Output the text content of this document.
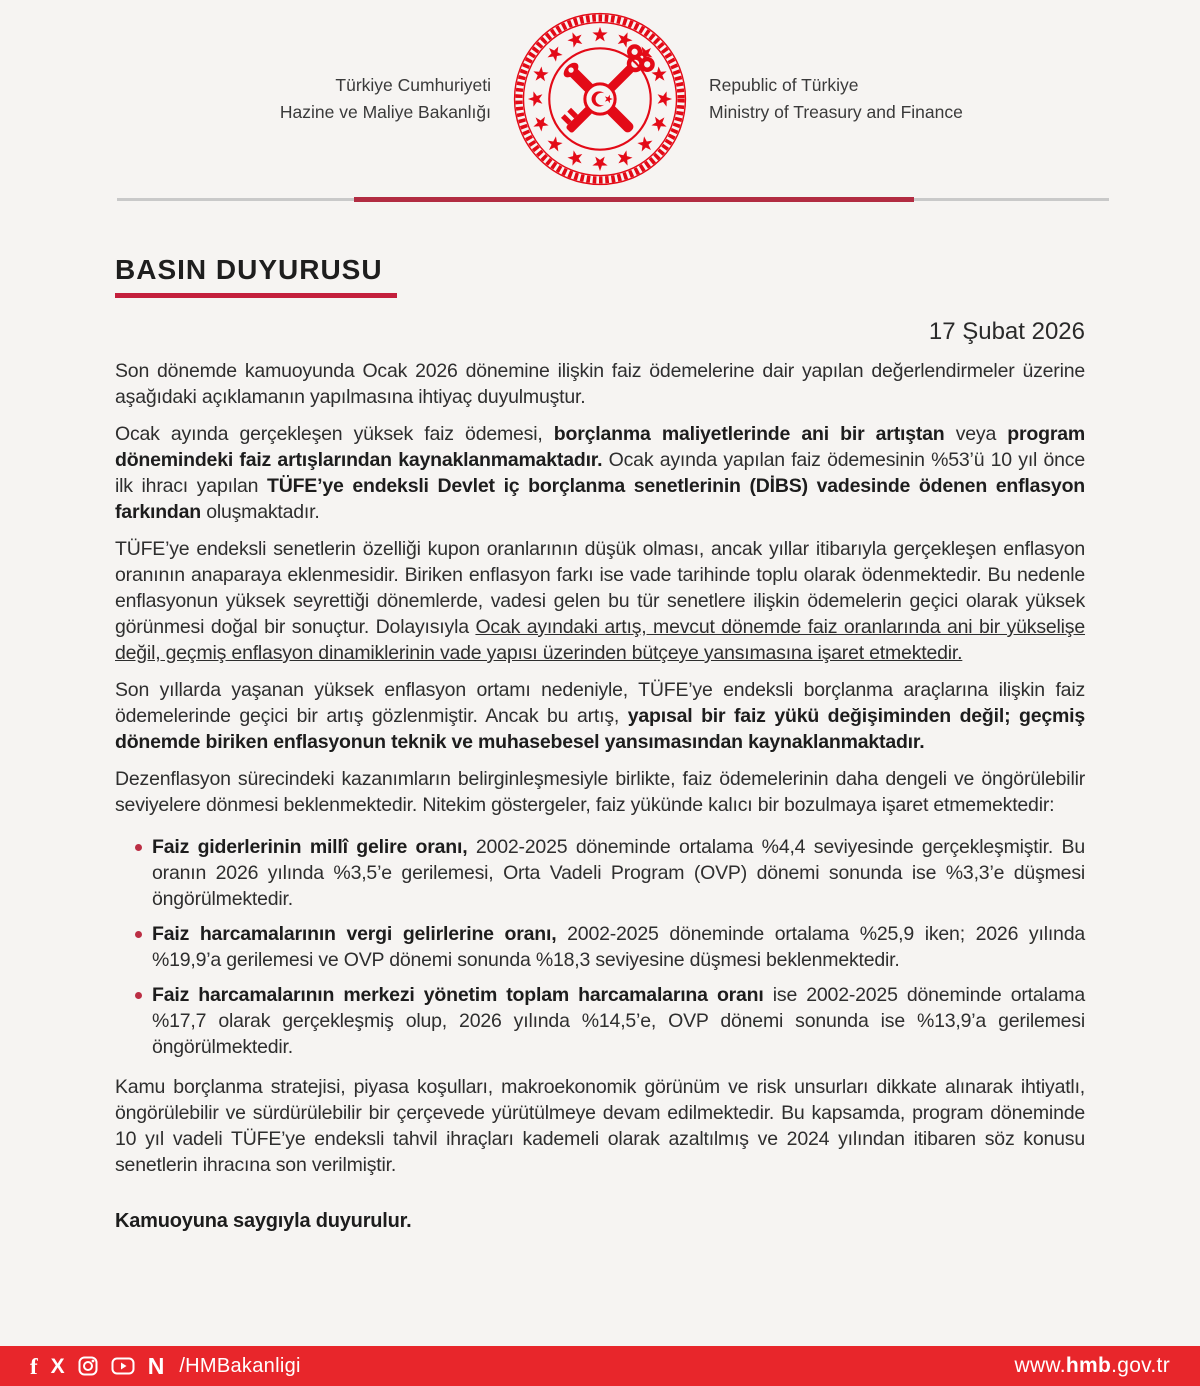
Türkiye Cumhuriyeti
Hazine ve Maliye Bakanlığı
Republic of Türkiye
Ministry of Treasury and Finance
BASIN DUYURUSU
17 Şubat 2026

Son dönemde kamuoyunda Ocak 2026 dönemine ilişkin faiz ödemelerine dair yapılan değerlendirmeler üzerine aşağıdaki açıklamanın yapılmasına ihtiyaç duyulmuştur.

Ocak ayında gerçekleşen yüksek faiz ödemesi, borçlanma maliyetlerinde ani bir artıştan veya program dönemindeki faiz artışlarından kaynaklanmamaktadır. Ocak ayında yapılan faiz ödemesinin %53’ü 10 yıl önce ilk ihracı yapılan TÜFE’ye endeksli Devlet iç borçlanma senetlerinin (DİBS) vadesinde ödenen enflasyon farkından oluşmaktadır.

TÜFE’ye endeksli senetlerin özelliği kupon oranlarının düşük olması, ancak yıllar itibarıyla gerçekleşen enflasyon oranının anaparaya eklenmesidir. Biriken enflasyon farkı ise vade tarihinde toplu olarak ödenmektedir. Bu nedenle enflasyonun yüksek seyrettiği dönemlerde, vadesi gelen bu tür senetlere ilişkin ödemelerin geçici olarak yüksek görünmesi doğal bir sonuçtur. Dolayısıyla Ocak ayındaki artış, mevcut dönemde faiz oranlarında ani bir yükselişe değil, geçmiş enflasyon dinamiklerinin vade yapısı üzerinden bütçeye yansımasına işaret etmektedir.

Son yıllarda yaşanan yüksek enflasyon ortamı nedeniyle, TÜFE’ye endeksli borçlanma araçlarına ilişkin faiz ödemelerinde geçici bir artış gözlenmiştir. Ancak bu artış, yapısal bir faiz yükü değişiminden değil; geçmiş dönemde biriken enflasyonun teknik ve muhasebesel yansımasından kaynaklanmaktadır.

Dezenflasyon sürecindeki kazanımların belirginleşmesiyle birlikte, faiz ödemelerinin daha dengeli ve öngörülebilir seviyelere dönmesi beklenmektedir. Nitekim göstergeler, faiz yükünde kalıcı bir bozulmaya işaret etmemektedir:

Faiz giderlerinin millî gelire oranı, 2002-2025 döneminde ortalama %4,4 seviyesinde gerçekleşmiştir. Bu oranın 2026 yılında %3,5’e gerilemesi, Orta Vadeli Program (OVP) dönemi sonunda ise %3,3’e düşmesi öngörülmektedir.
Faiz harcamalarının vergi gelirlerine oranı, 2002-2025 döneminde ortalama %25,9 iken; 2026 yılında %19,9’a gerilemesi ve OVP dönemi sonunda %18,3 seviyesine düşmesi beklenmektedir.
Faiz harcamalarının merkezi yönetim toplam harcamalarına oranı ise 2002-2025 döneminde ortalama %17,7 olarak gerçekleşmiş olup, 2026 yılında %14,5’e, OVP dönemi sonunda ise %13,9’a gerilemesi öngörülmektedir.

Kamu borçlanma stratejisi, piyasa koşulları, makroekonomik görünüm ve risk unsurları dikkate alınarak ihtiyatlı, öngörülebilir ve sürdürülebilir bir çerçevede yürütülmeye devam edilmektedir. Bu kapsamda, program döneminde 10 yıl vadeli TÜFE’ye endeksli tahvil ihraçları kademeli olarak azaltılmış ve 2024 yılından itibaren söz konusu senetlerin ihracına son verilmiştir.

Kamuoyuna saygıyla duyurulur.

f X	N /HMBakanligi	www.hmb.gov.tr
